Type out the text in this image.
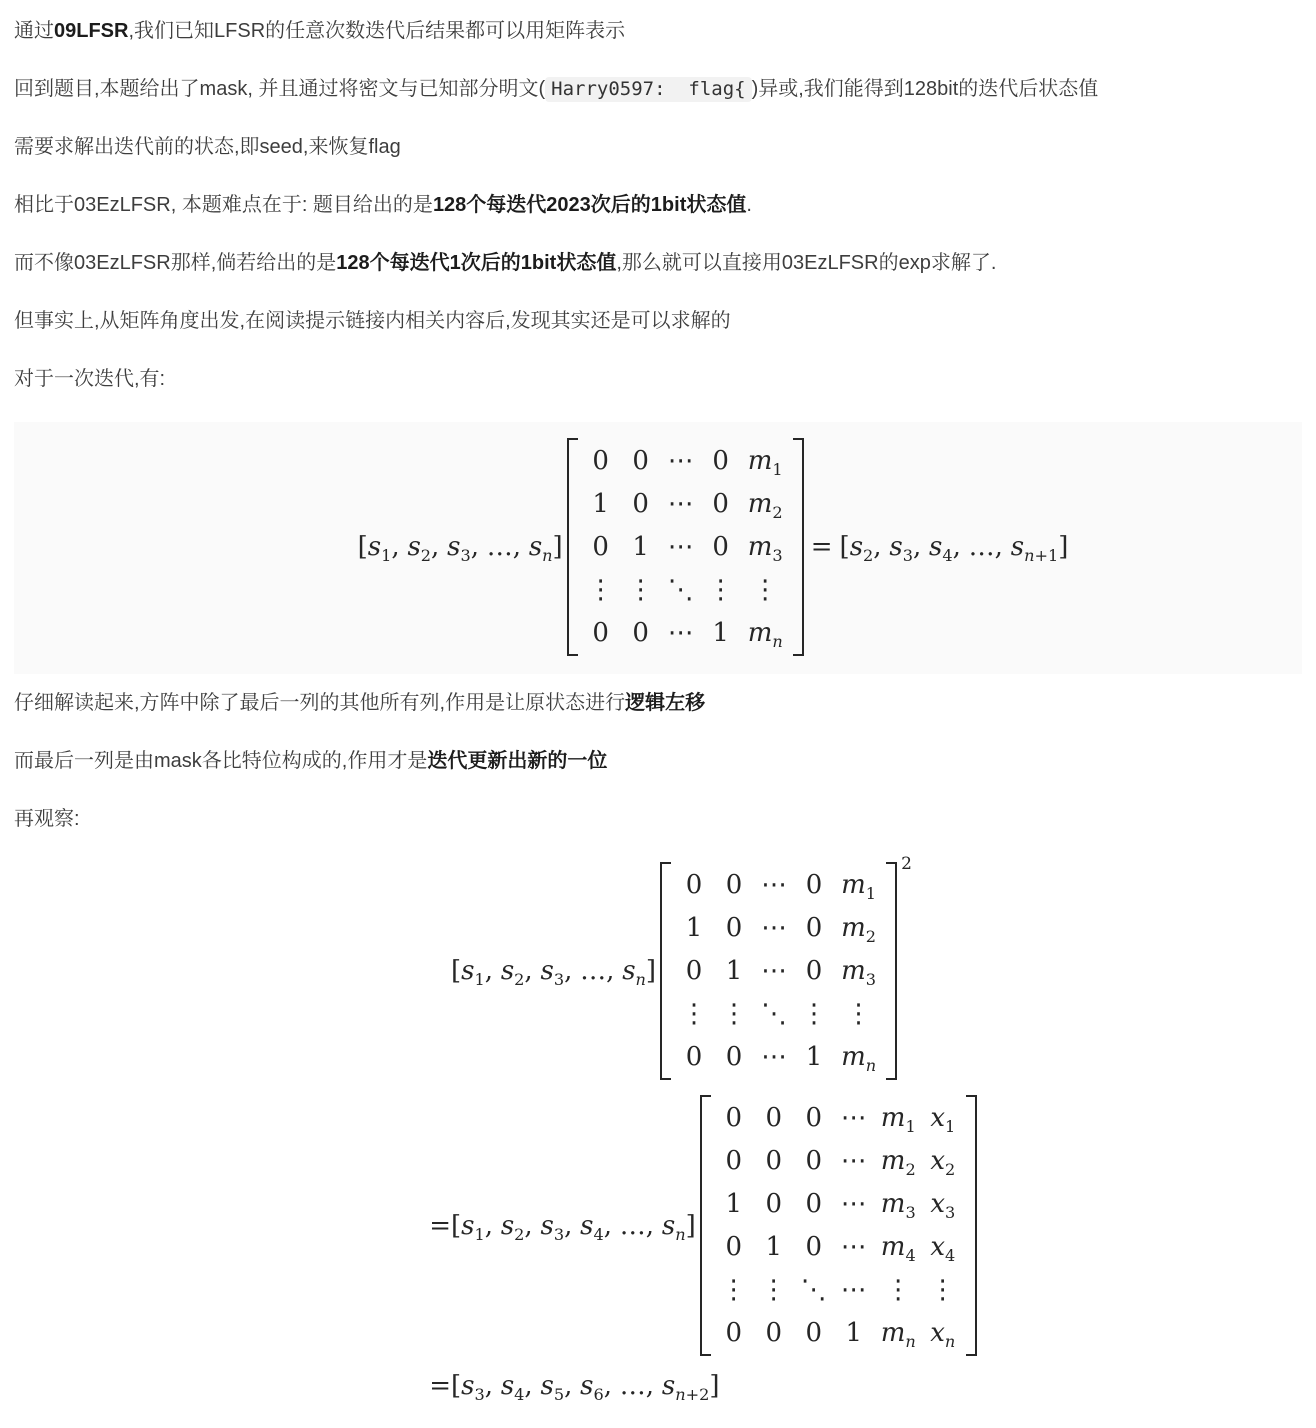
通过09LFSR,我们已知LFSR的任意次数迭代后结果都可以用矩阵表示

回到题目,本题给出了mask, 并且通过将密文与已知部分明文( Harry0597:  flag{ )异或,我们能得到128bit的迭代后状态值

需要求解出迭代前的状态,即seed,来恢复flag

相比于03EzLFSR, 本题难点在于: 题目给出的是128个每迭代2023次后的1bit状态值.

而不像03EzLFSR那样,倘若给出的是128个每迭代1次后的1bit状态值,那么就可以直接用03EzLFSR的exp求解了.

但事实上,从矩阵角度出发,在阅读提示链接内相关内容后,发现其实还是可以求解的

对于一次迭代,有:

[$s_1$, $s_2$, $s_3$, …, $s_n$]
0 0 ⋯ 0 $m_1$
1 0 ⋯ 0 $m_2$
0 1 ⋯ 0 $m_3$
⋮ ⋮ ⋱ ⋮ ⋮
0 0 ⋯ 1 $m_n$
= [$s_2$, $s_3$, $s_4$, …, $s_{n+1}$]

仔细解读起来,方阵中除了最后一列的其他所有列,作用是让原状态进行逻辑左移

而最后一列是由mask各比特位构成的,作用才是迭代更新出新的一位

再观察:

[$s_1$, $s_2$, $s_3$, …, $s_n$]
0 0 ⋯ 0 $m_1$
1 0 ⋯ 0 $m_2$
0 1 ⋯ 0 $m_3$
⋮ ⋮ ⋱ ⋮ ⋮
0 0 ⋯ 1 $m_n$
$^2$
= [$s_1$, $s_2$, $s_3$, $s_4$, …, $s_n$]
0 0 0 ⋯ $m_1$ $x_1$
0 0 0 ⋯ $m_2$ $x_2$
1 0 0 ⋯ $m_3$ $x_3$
0 1 0 ⋯ $m_4$ $x_4$
⋮ ⋮ ⋱ ⋯ ⋮ ⋮
0 0 0 1 $m_n$ $x_n$
= [$s_3$, $s_4$, $s_5$, $s_6$, …, $s_{n+2}$]
